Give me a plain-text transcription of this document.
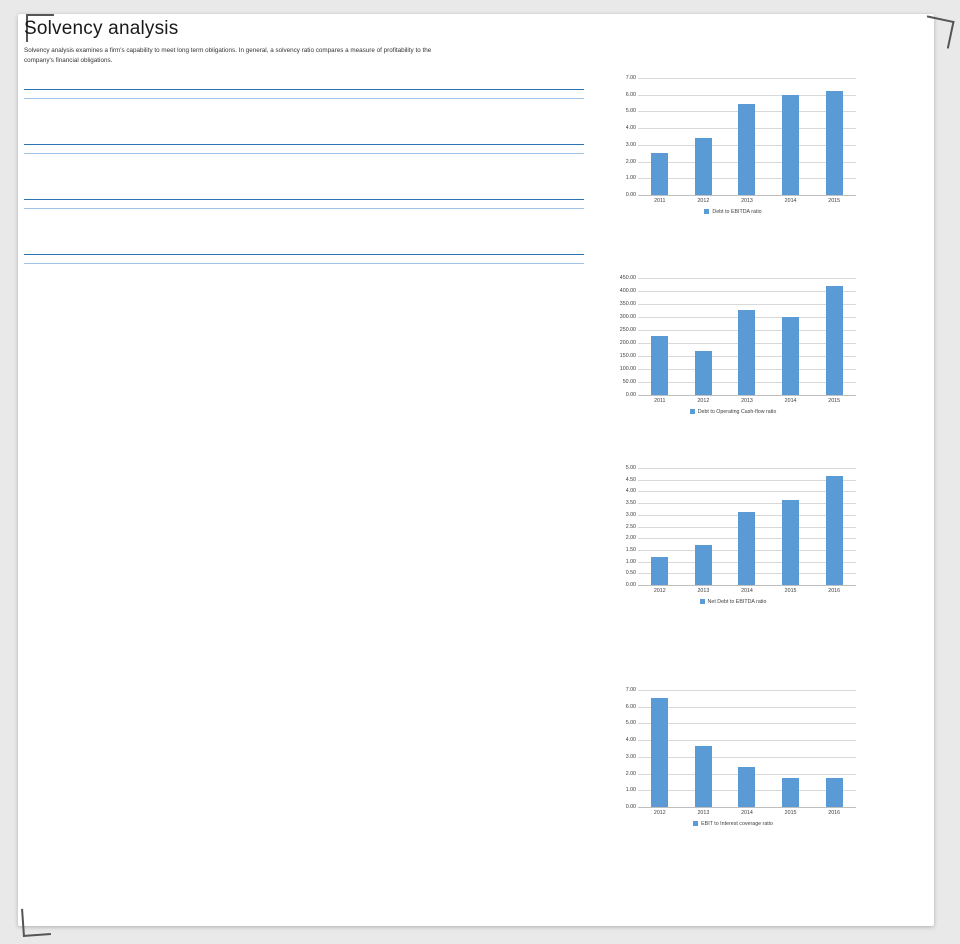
Solvency analysis

Solvency analysis examines a firm's capability to meet long term obligations. In general, a solvency ratio compares a measure of profitability to the company's financial obligations.

7.00
6.00
5.00
4.00
3.00
2.00
1.00
0.00
2011	2012	2013	2014	2015
Debt to EBITDA ratio
450.00
400.00
350.00
300.00
250.00
200.00
150.00
100.00
50.00
0.00
2011	2012	2013	2014	2015
Debt to Operating Cash-flow ratio
5.00
4.50
4.00
3.50
3.00
2.50
2.00
1.50
1.00
0.50
0.00
2012	2013	2014	2015	2016
Net Debt to EBITDA ratio
7.00
6.00
5.00
4.00
3.00
2.00
1.00
0.00
2012	2013	2014	2015	2016
EBIT to Interest coverage ratio
